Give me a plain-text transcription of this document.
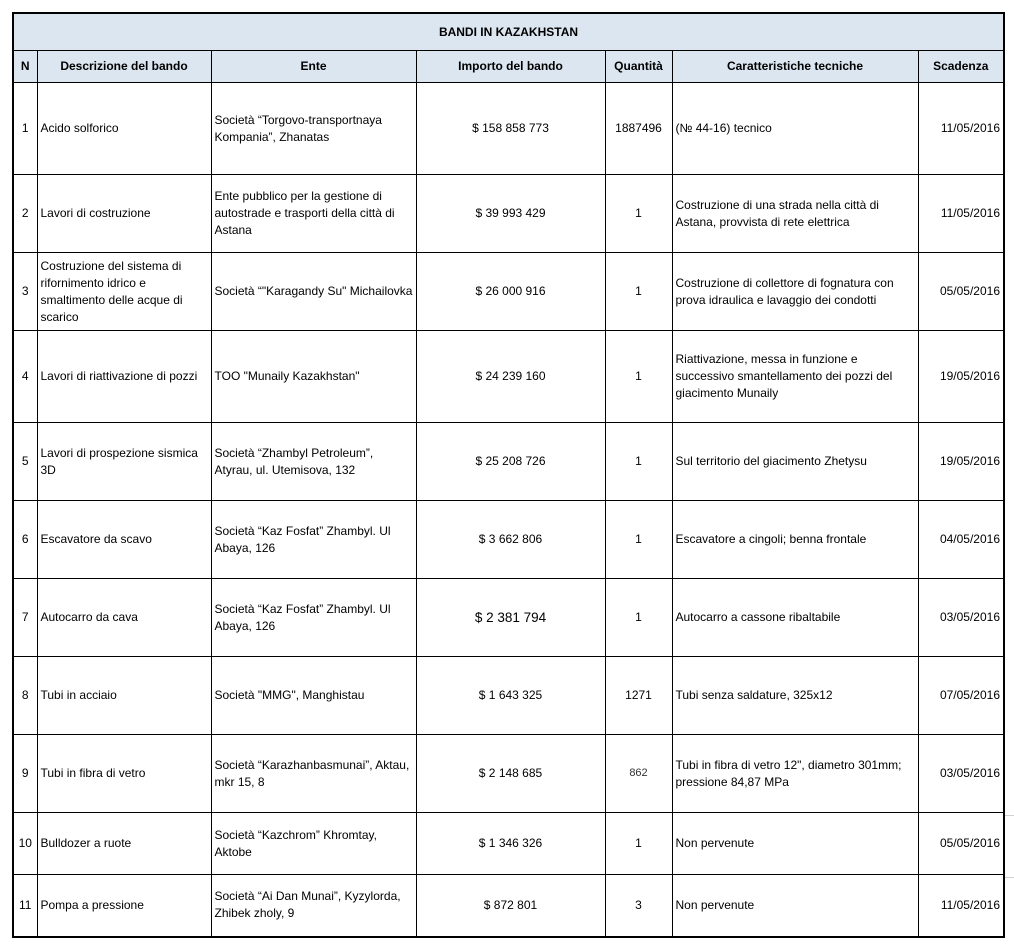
BANDI IN KAZAKHSTAN						
N	Descrizione del bando	Ente	Importo del bando	Quantità	Caratteristiche tecniche	Scadenza
1	Acido solforico	Società “Torgovo-transportnaya Kompania”, Zhanatas	$ 158 858 773	1887496	(№ 44-16) tecnico	11/05/2016
2	Lavori di costruzione	Ente pubblico per la gestione di autostrade e trasporti della città di Astana	$ 39 993 429	1	Costruzione di una strada nella città di Astana, provvista di rete elettrica	11/05/2016
3	Costruzione del sistema di rifornimento idrico e smaltimento delle acque di scarico	Società “"Karagandy Su" Michailovka	$ 26 000 916	1	Costruzione di collettore di fognatura con prova idraulica e lavaggio dei condotti	05/05/2016
4	Lavori di riattivazione di pozzi	TOO "Munaily Kazakhstan"	$ 24 239 160	1	Riattivazione, messa in funzione e successivo smantellamento dei pozzi del giacimento Munaily	19/05/2016
5	Lavori di prospezione sismica 3D	Società “Zhambyl Petroleum”, Atyrau, ul. Utemisova, 132	$ 25 208 726	1	Sul territorio del giacimento Zhetysu	19/05/2016
6	Escavatore da scavo	Società “Kaz Fosfat” Zhambyl. Ul Abaya, 126	$ 3 662 806	1	Escavatore a cingoli; benna frontale	04/05/2016
7	Autocarro da cava	Società “Kaz Fosfat” Zhambyl. Ul Abaya, 126	$ 2 381 794	1	Autocarro a cassone ribaltabile	03/05/2016
8	Tubi in acciaio	Società "MMG", Manghistau	$ 1 643 325	1271	Tubi senza saldature, 325x12	07/05/2016
9	Tubi in fibra di vetro	Società “Karazhanbasmunai”, Aktau, mkr 15, 8	$ 2 148 685	862	Tubi in fibra di vetro 12", diametro 301mm; pressione 84,87 MPa	03/05/2016
10	Bulldozer a ruote	Società “Kazchrom” Khromtay, Aktobe	$ 1 346 326	1	Non pervenute	05/05/2016
11	Pompa a pressione	Società “Ai Dan Munai”, Kyzylorda, Zhibek zholy, 9	$ 872 801	3	Non pervenute	11/05/2016
